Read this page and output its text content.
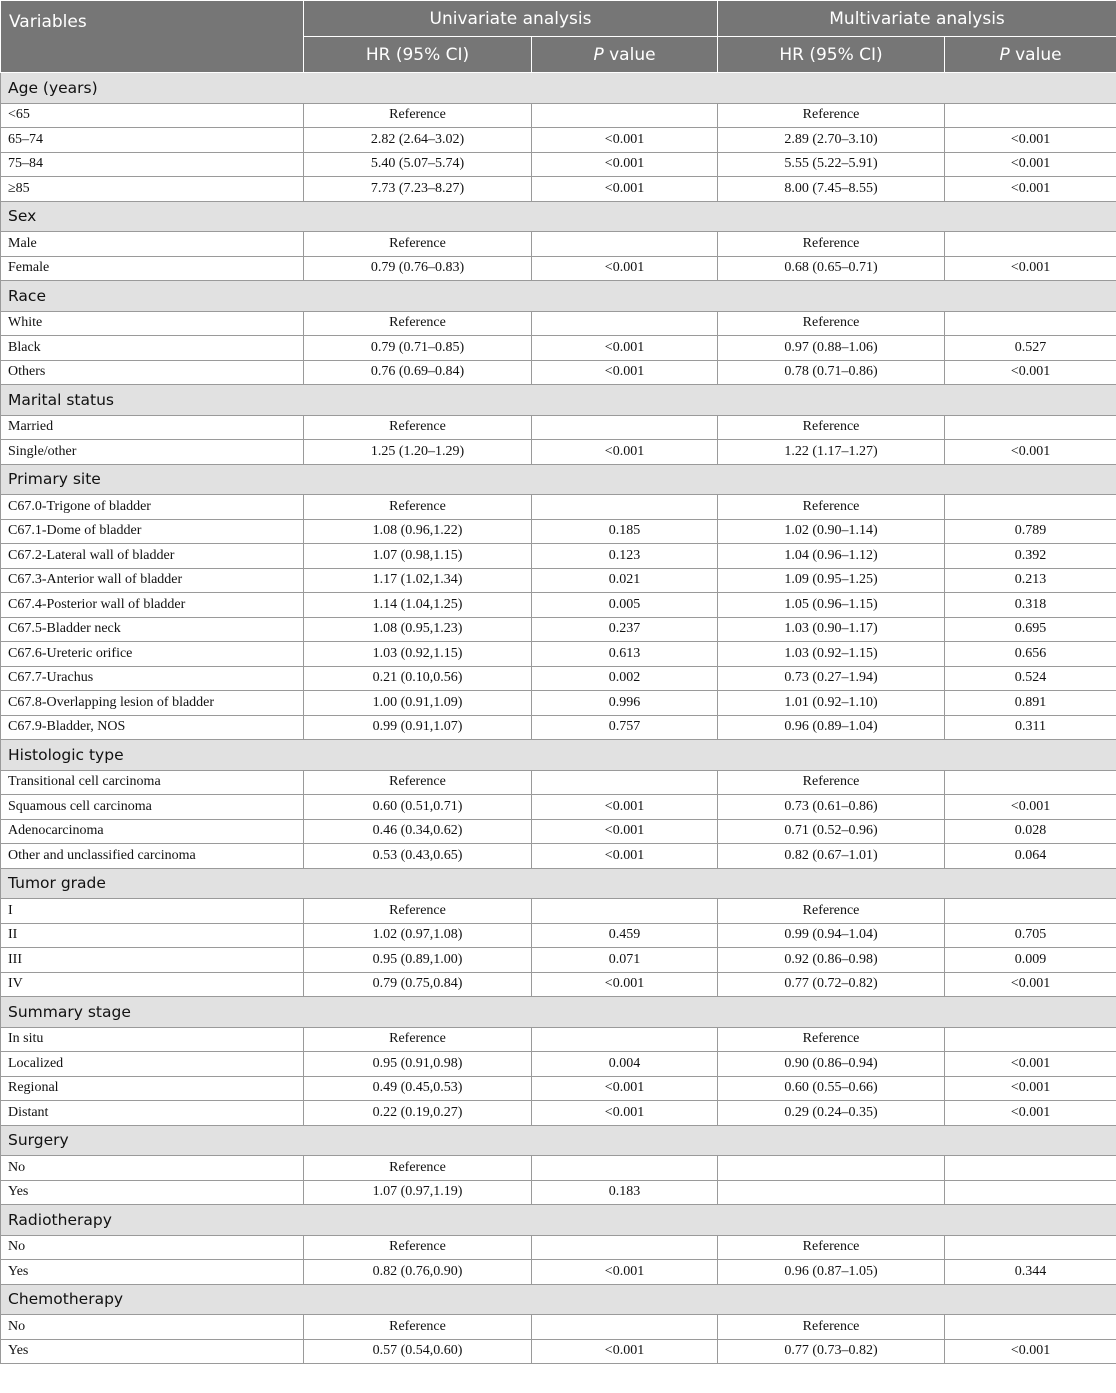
Variables	Univariate analysis		Multivariate analysis	
	HR (95% CI)	P value	HR (95% CI)	P value
Age (years)				
<65	Reference		Reference	
65–74	2.82 (2.64–3.02)	<0.001	2.89 (2.70–3.10)	<0.001
75–84	5.40 (5.07–5.74)	<0.001	5.55 (5.22–5.91)	<0.001
≥85	7.73 (7.23–8.27)	<0.001	8.00 (7.45–8.55)	<0.001
Sex				
Male	Reference		Reference	
Female	0.79 (0.76–0.83)	<0.001	0.68 (0.65–0.71)	<0.001
Race				
White	Reference		Reference	
Black	0.79 (0.71–0.85)	<0.001	0.97 (0.88–1.06)	0.527
Others	0.76 (0.69–0.84)	<0.001	0.78 (0.71–0.86)	<0.001
Marital status				
Married	Reference		Reference	
Single/other	1.25 (1.20–1.29)	<0.001	1.22 (1.17–1.27)	<0.001
Primary site				
C67.0-Trigone of bladder	Reference		Reference	
C67.1-Dome of bladder	1.08 (0.96,1.22)	0.185	1.02 (0.90–1.14)	0.789
C67.2-Lateral wall of bladder	1.07 (0.98,1.15)	0.123	1.04 (0.96–1.12)	0.392
C67.3-Anterior wall of bladder	1.17 (1.02,1.34)	0.021	1.09 (0.95–1.25)	0.213
C67.4-Posterior wall of bladder	1.14 (1.04,1.25)	0.005	1.05 (0.96–1.15)	0.318
C67.5-Bladder neck	1.08 (0.95,1.23)	0.237	1.03 (0.90–1.17)	0.695
C67.6-Ureteric orifice	1.03 (0.92,1.15)	0.613	1.03 (0.92–1.15)	0.656
C67.7-Urachus	0.21 (0.10,0.56)	0.002	0.73 (0.27–1.94)	0.524
C67.8-Overlapping lesion of bladder	1.00 (0.91,1.09)	0.996	1.01 (0.92–1.10)	0.891
C67.9-Bladder, NOS	0.99 (0.91,1.07)	0.757	0.96 (0.89–1.04)	0.311
Histologic type				
Transitional cell carcinoma	Reference		Reference	
Squamous cell carcinoma	0.60 (0.51,0.71)	<0.001	0.73 (0.61–0.86)	<0.001
Adenocarcinoma	0.46 (0.34,0.62)	<0.001	0.71 (0.52–0.96)	0.028
Other and unclassified carcinoma	0.53 (0.43,0.65)	<0.001	0.82 (0.67–1.01)	0.064
Tumor grade				
I	Reference		Reference	
II	1.02 (0.97,1.08)	0.459	0.99 (0.94–1.04)	0.705
III	0.95 (0.89,1.00)	0.071	0.92 (0.86–0.98)	0.009
IV	0.79 (0.75,0.84)	<0.001	0.77 (0.72–0.82)	<0.001
Summary stage				
In situ	Reference		Reference	
Localized	0.95 (0.91,0.98)	0.004	0.90 (0.86–0.94)	<0.001
Regional	0.49 (0.45,0.53)	<0.001	0.60 (0.55–0.66)	<0.001
Distant	0.22 (0.19,0.27)	<0.001	0.29 (0.24–0.35)	<0.001
Surgery				
No	Reference			
Yes	1.07 (0.97,1.19)	0.183		
Radiotherapy				
No	Reference		Reference	
Yes	0.82 (0.76,0.90)	<0.001	0.96 (0.87–1.05)	0.344
Chemotherapy				
No	Reference		Reference	
Yes	0.57 (0.54,0.60)	<0.001	0.77 (0.73–0.82)	<0.001
